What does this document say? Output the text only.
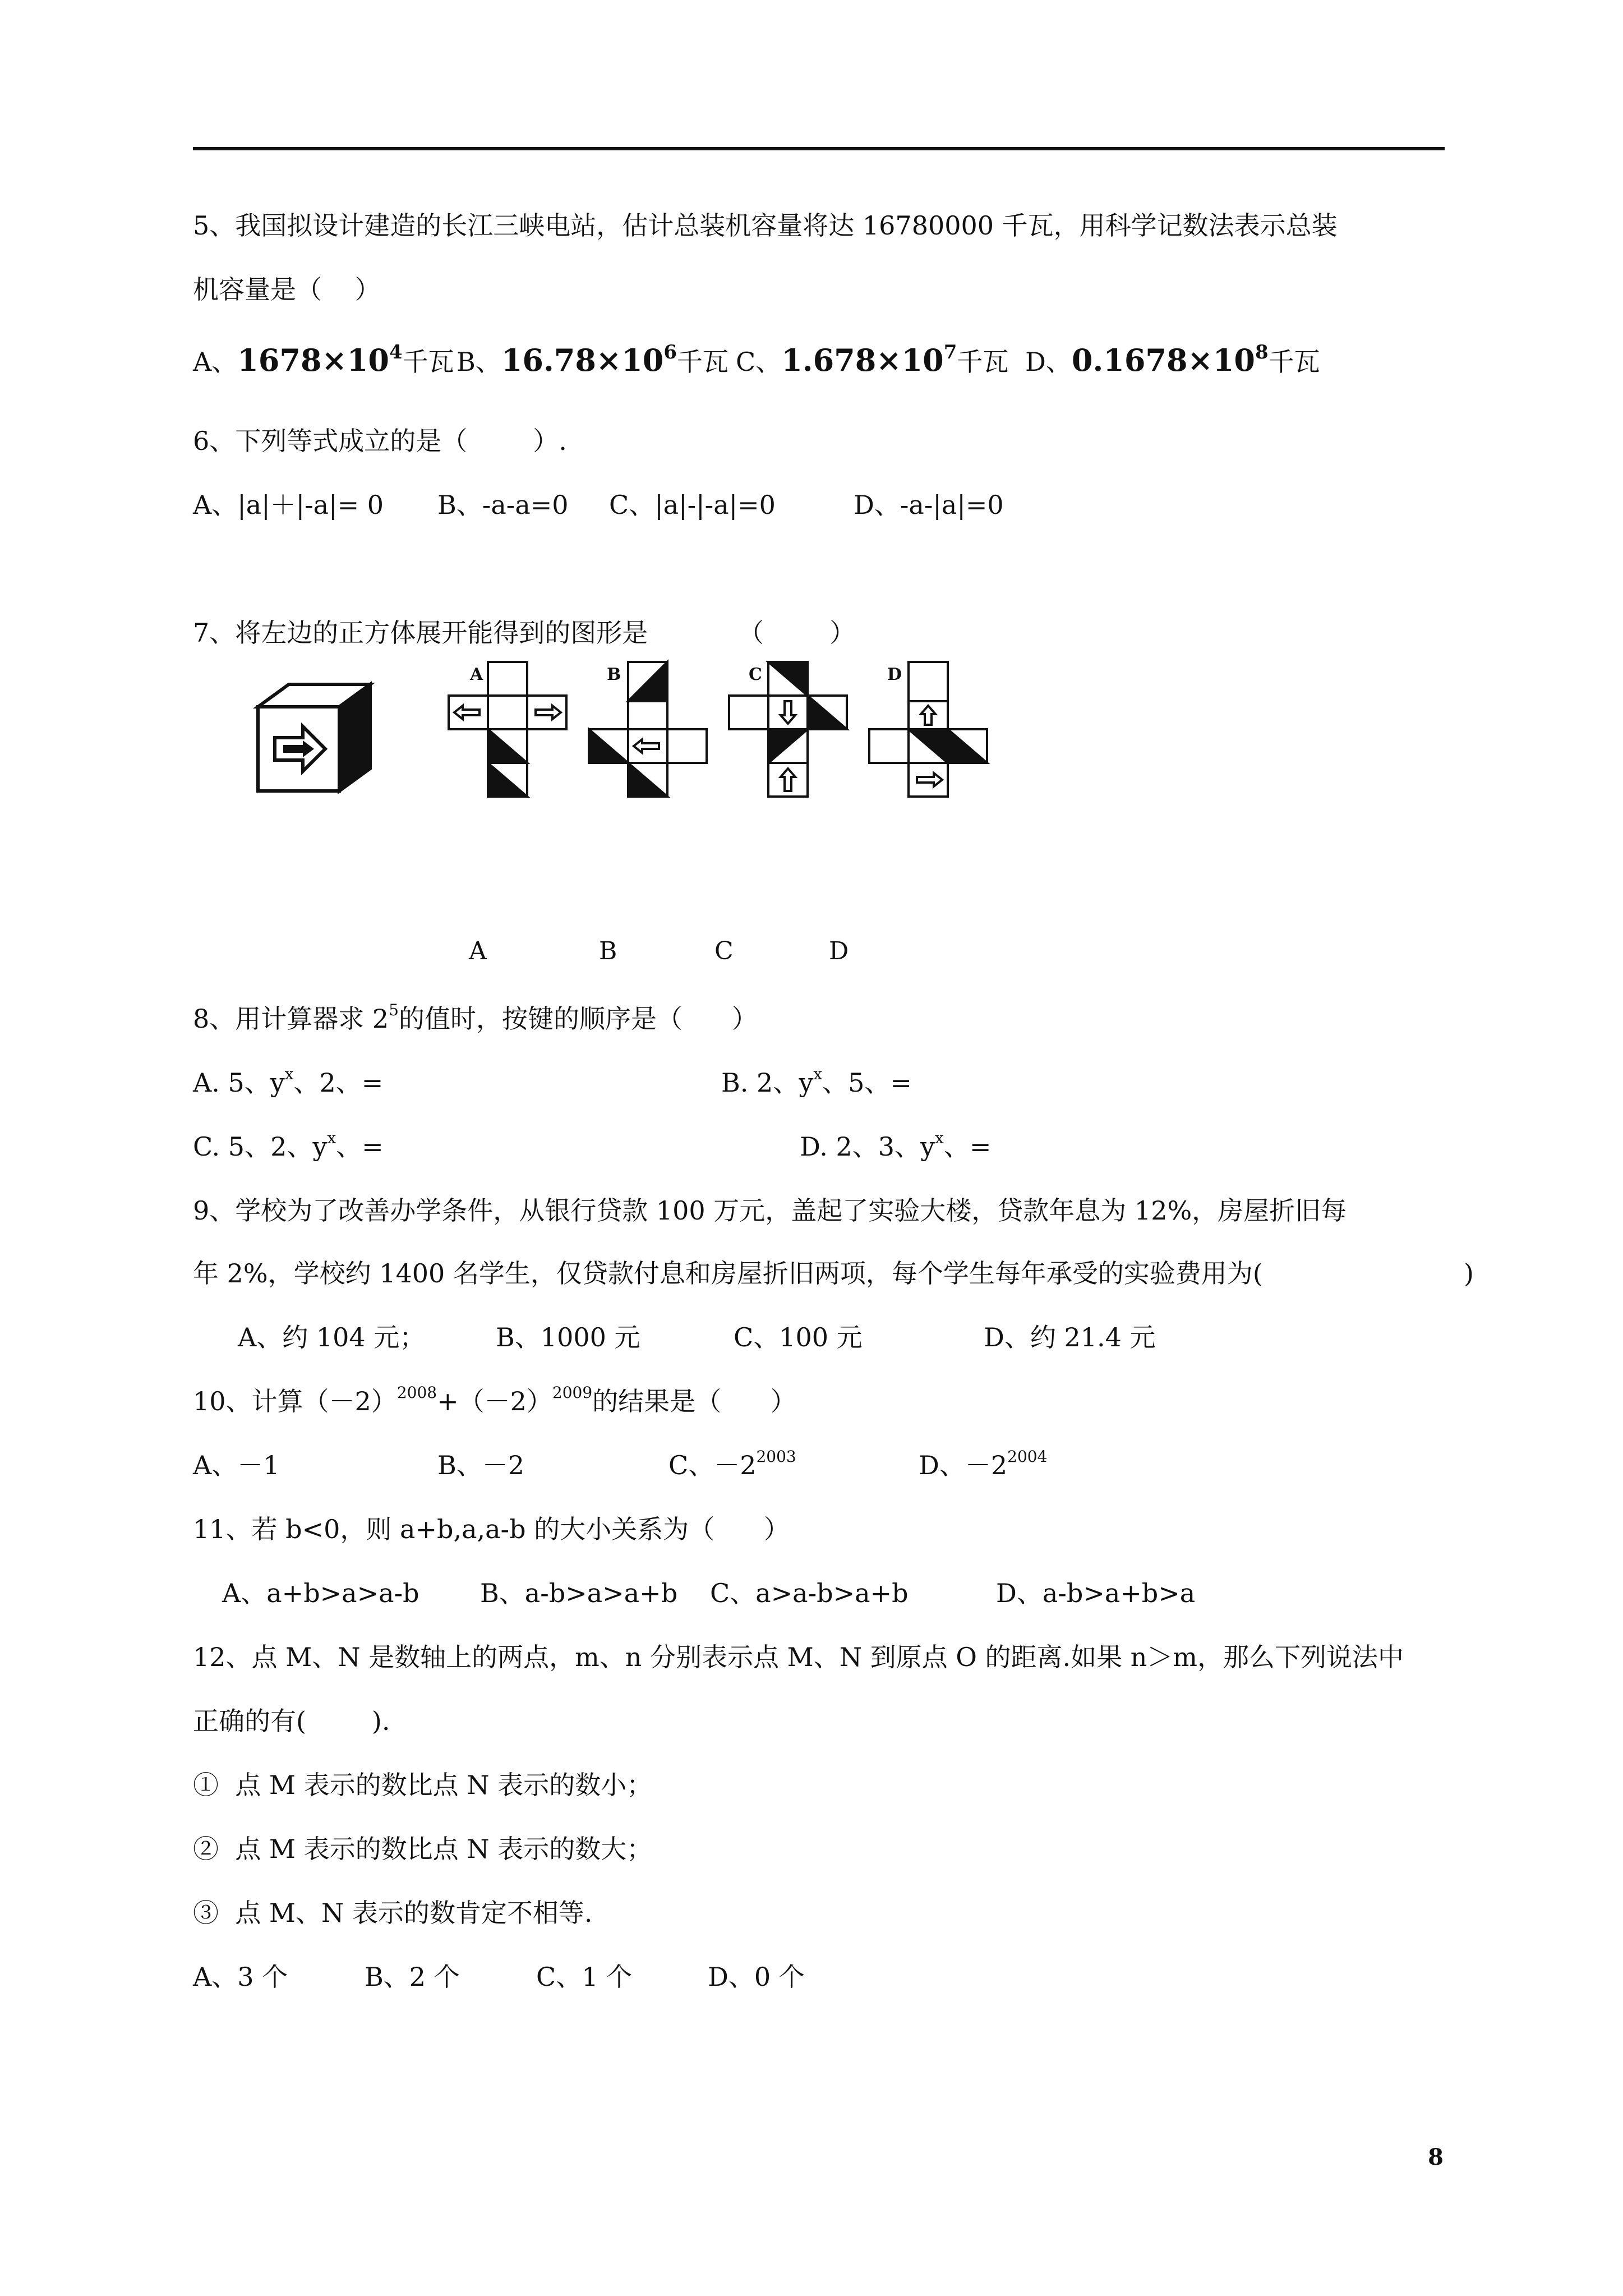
5、我国拟设计建造的长江三峡电站，估计总装机容量将达 16780000 千瓦，用科学记数法表示总装
机容量是（    ）
A、$1678\times 10^4$千瓦 B、$16.78\times 10^6$千瓦 C、$1.678\times 10^7$千瓦 D、$0.1678\times 10^8$千瓦
6、下列等式成立的是（        ）.
A、|a|＋|-a|= 0 B、-a-a=0 C、|a|-|-a|=0	D、-a-|a|=0
7、将左边的正方体展开能得到的图形是           （        ）
A	B	C	D
A	B	C	D
8、用计算器求 $2^5$的值时，按键的顺序是（      ）
A. 5、$y^x$、2、=	B. 2、$y^x$、5、=
C. 5、2、$y^x$、=	D. 2、3、$y^x$、=
9、学校为了改善办学条件，从银行贷款 100 万元，盖起了实验大楼，贷款年息为 12%，房屋折旧每
年 2%，学校约 1400 名学生，仅贷款付息和房屋折旧两项，每个学生每年承受的实验费用为(	)
A、约 104 元；	B、1000 元	C、100 元	D、约 21.4 元
10、计算$(-2)^{2008}+(-2)^{2009}$的结果是（      ）
A、－1	B、－2	C、$-2^{2003}$	D、$-2^{2004}$
11、若 b<0，则 a+b,a,a-b 的大小关系为（      ）
A、a+b>a>a-b B、a-b>a>a+b C、a>a-b>a+b	D、a-b>a+b>a
12、点 M、N 是数轴上的两点，m、n 分别表示点 M、N 到原点 O 的距离.如果 n＞m，那么下列说法中
正确的有(        ).
①  点 M 表示的数比点 N 表示的数小；
②  点 M 表示的数比点 N 表示的数大；
③  点 M、N 表示的数肯定不相等.
A、3 个	B、2 个	C、1 个	D、0 个
8
